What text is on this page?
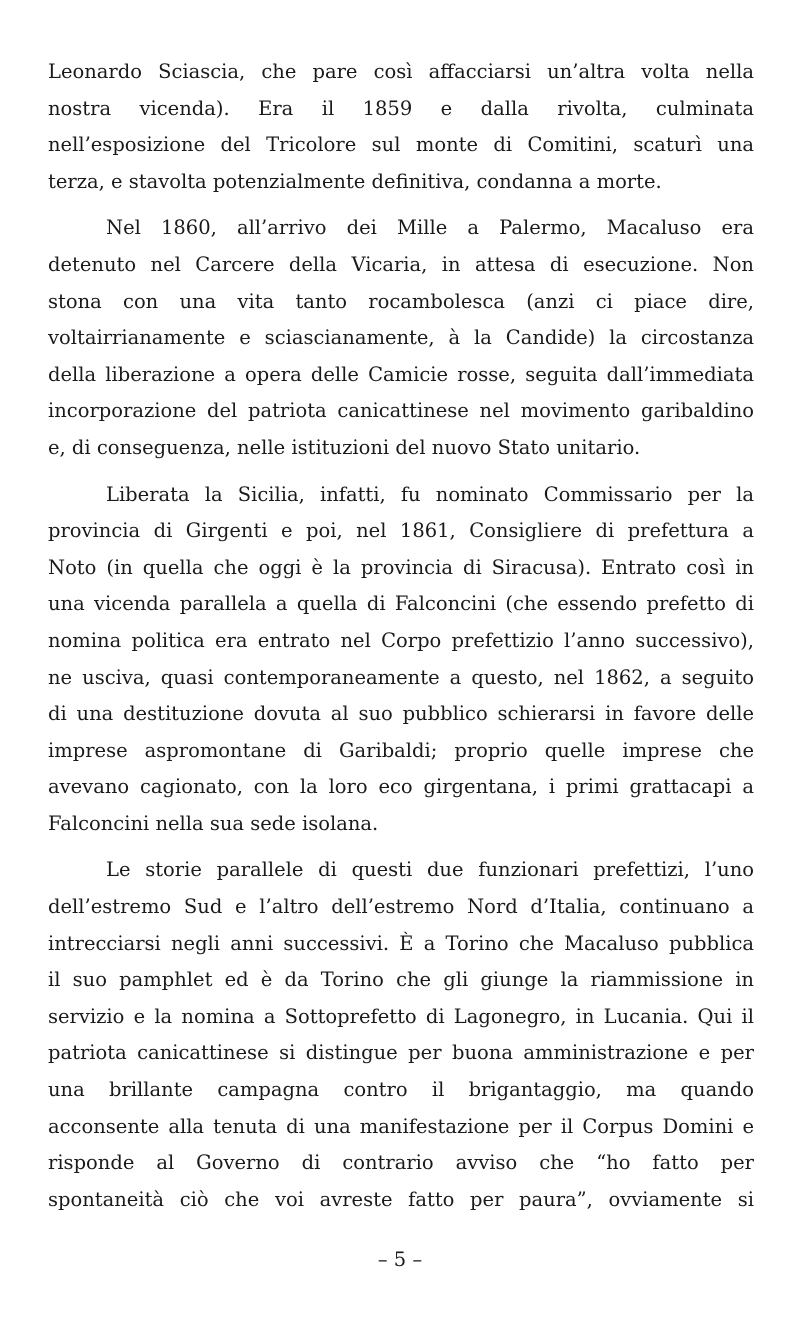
Leonardo Sciascia, che pare così affacciarsi un’altra volta nella
nostra vicenda). Era il 1859 e dalla rivolta, culminata
nell’esposizione del Tricolore sul monte di Comitini, scaturì una
terza, e stavolta potenzialmente definitiva, condanna a morte.
Nel 1860, all’arrivo dei Mille a Palermo, Macaluso era
detenuto nel Carcere della Vicaria, in attesa di esecuzione. Non
stona con una vita tanto rocambolesca (anzi ci piace dire,
voltairrianamente e sciascianamente, à la Candide) la circostanza
della liberazione a opera delle Camicie rosse, seguita dall’immediata
incorporazione del patriota canicattinese nel movimento garibaldino
e, di conseguenza, nelle istituzioni del nuovo Stato unitario.
Liberata la Sicilia, infatti, fu nominato Commissario per la
provincia di Girgenti e poi, nel 1861, Consigliere di prefettura a
Noto (in quella che oggi è la provincia di Siracusa). Entrato così in
una vicenda parallela a quella di Falconcini (che essendo prefetto di
nomina politica era entrato nel Corpo prefettizio l’anno successivo),
ne usciva, quasi contemporaneamente a questo, nel 1862, a seguito
di una destituzione dovuta al suo pubblico schierarsi in favore delle
imprese aspromontane di Garibaldi; proprio quelle imprese che
avevano cagionato, con la loro eco girgentana, i primi grattacapi a
Falconcini nella sua sede isolana.
Le storie parallele di questi due funzionari prefettizi, l’uno
dell’estremo Sud e l’altro dell’estremo Nord d’Italia, continuano a
intrecciarsi negli anni successivi. È a Torino che Macaluso pubblica
il suo pamphlet ed è da Torino che gli giunge la riammissione in
servizio e la nomina a Sottoprefetto di Lagonegro, in Lucania. Qui il
patriota canicattinese si distingue per buona amministrazione e per
una brillante campagna contro il brigantaggio, ma quando
acconsente alla tenuta di una manifestazione per il Corpus Domini e
risponde al Governo di contrario avviso che “ho fatto per
spontaneità ciò che voi avreste fatto per paura”, ovviamente si
– 5 –
